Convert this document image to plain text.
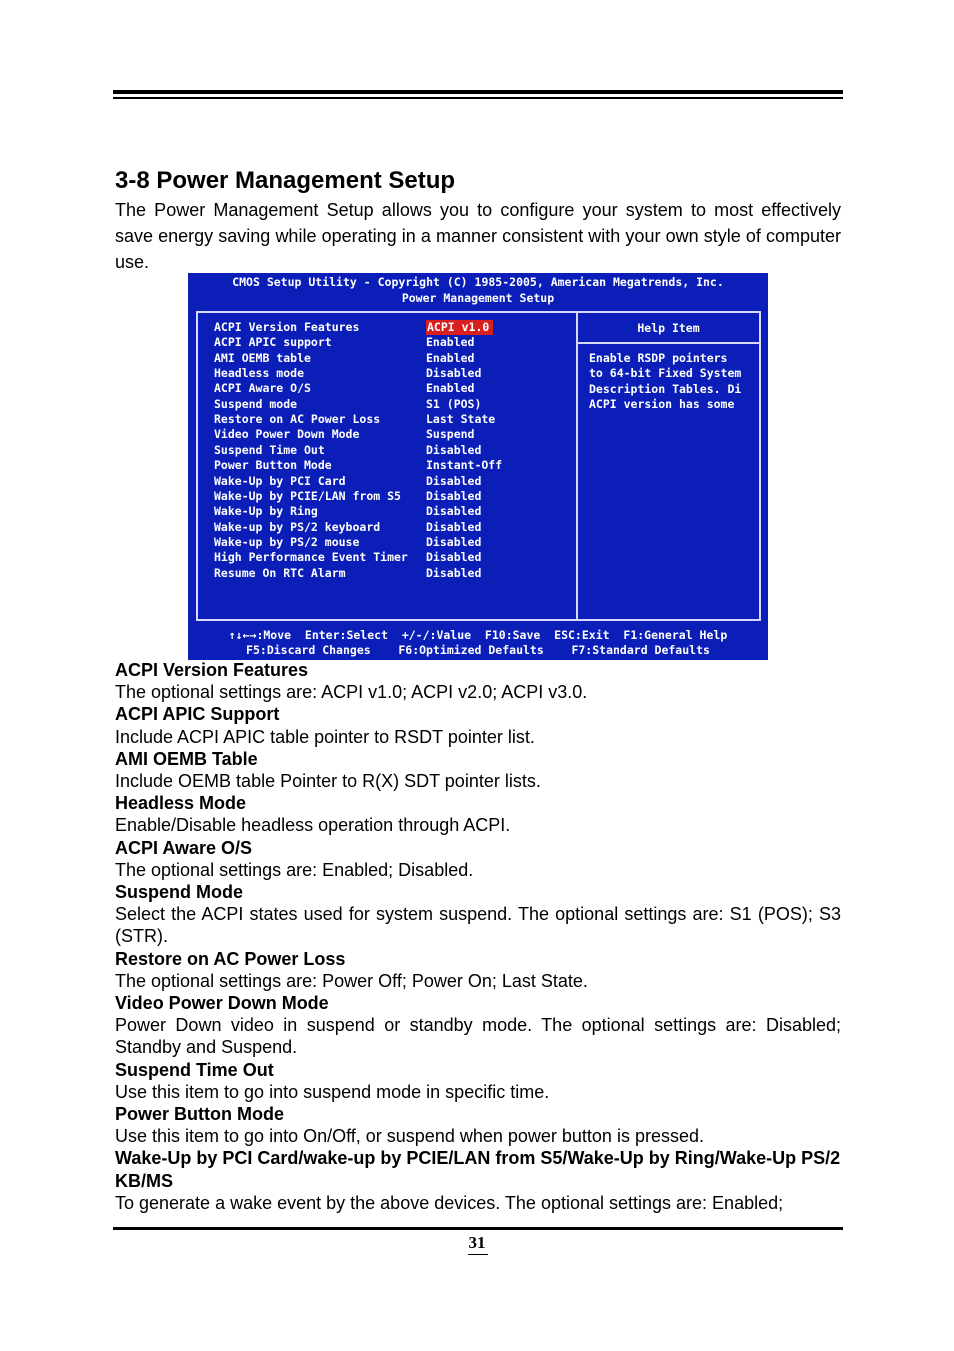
3-8 Power Management Setup

The Power Management Setup allows you to configure your system to most effectively save energy saving while operating in a manner consistent with your own style of computer use.

CMOS Setup Utility - Copyright (C) 1985-2005, American Megatrends, Inc.
Power Management Setup
Help Item
Enable RSDP pointers
to 64-bit Fixed System
Description Tables. Di
ACPI version has some
ACPI Version Features	ACPI v1.0
ACPI APIC support	Enabled
AMI OEMB table	Enabled
Headless mode	Disabled
ACPI Aware O/S	Enabled
Suspend mode	S1 (POS)
Restore on AC Power Loss	Last State
Video Power Down Mode	Suspend
Suspend Time Out	Disabled
Power Button Mode	Instant-Off
Wake-Up by PCI Card	Disabled
Wake-Up by PCIE/LAN from S5 Disabled
Wake-Up by Ring	Disabled
Wake-up by PS/2 keyboard	Disabled
Wake-up by PS/2 mouse	Disabled
High Performance Event Timer Disabled
Resume On RTC Alarm	Disabled
↑↓←→:Move  Enter:Select  +/-/:Value  F10:Save  ESC:Exit  F1:General Help
F5:Discard Changes    F6:Optimized Defaults    F7:Standard Defaults

ACPI Version Features

The optional settings are: ACPI v1.0; ACPI v2.0; ACPI v3.0.

ACPI APIC Support

Include ACPI APIC table pointer to RSDT pointer list.

AMI OEMB Table

Include OEMB table Pointer to R(X) SDT pointer lists.

Headless Mode

Enable/Disable headless operation through ACPI.

ACPI Aware O/S

The optional settings are: Enabled; Disabled.

Suspend Mode

Select the ACPI states used for system suspend. The optional settings are: S1 (POS); S3 (STR).

Restore on AC Power Loss

The optional settings are: Power Off; Power On; Last State.

Video Power Down Mode

Power Down video in suspend or standby mode. The optional settings are: Disabled; Standby and Suspend.

Suspend Time Out

Use this item to go into suspend mode in specific time.

Power Button Mode

Use this item to go into On/Off, or suspend when power button is pressed.

Wake-Up by PCI Card/wake-up by PCIE/LAN from S5/Wake-Up by Ring/Wake-Up PS/2 KB/MS

To generate a wake event by the above devices. The optional settings are: Enabled;

31
